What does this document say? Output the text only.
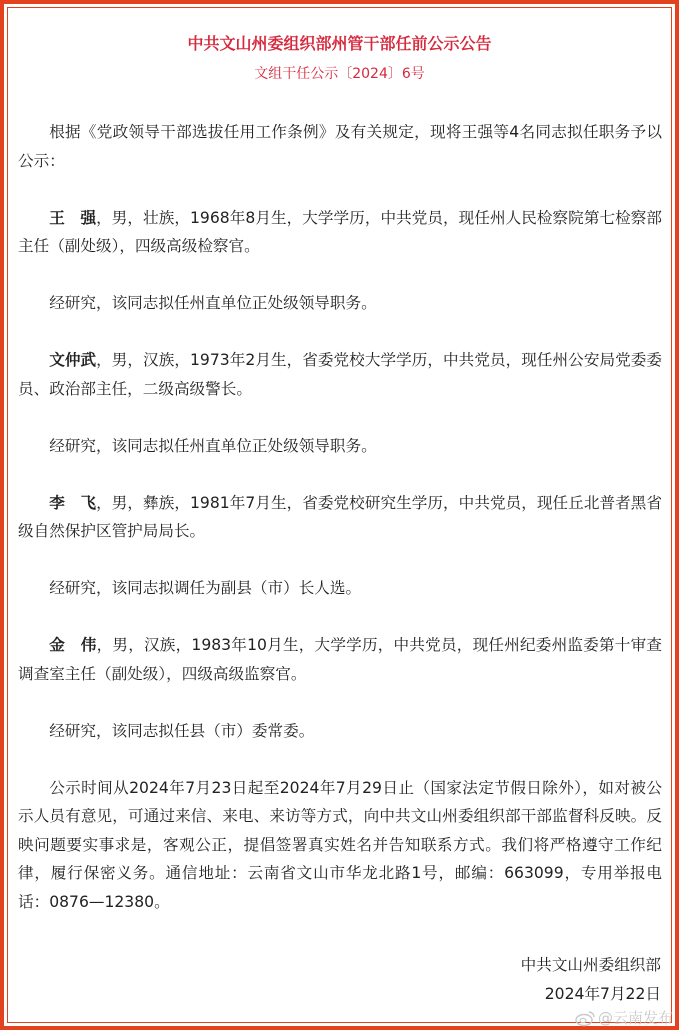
中共文山州委组织部州管干部任前公示公告
文组干任公示〔2024〕6号

根据《党政领导干部选拔任用工作条例》及有关规定，现将王强等4名同志拟任职务予以公示：

王　强，男，壮族，1968年8月生，大学学历，中共党员，现任州人民检察院第七检察部主任（副处级），四级高级检察官。

经研究，该同志拟任州直单位正处级领导职务。

文仲武，男，汉族，1973年2月生，省委党校大学学历，中共党员，现任州公安局党委委员、政治部主任，二级高级警长。

经研究，该同志拟任州直单位正处级领导职务。

李　飞，男，彝族，1981年7月生，省委党校研究生学历，中共党员，现任丘北普者黑省级自然保护区管护局局长。

经研究，该同志拟调任为副县（市）长人选。

金　伟，男，汉族，1983年10月生，大学学历，中共党员，现任州纪委州监委第十审查调查室主任（副处级），四级高级监察官。

经研究，该同志拟任县（市）委常委。

公示时间从2024年7月23日起至2024年7月29日止（国家法定节假日除外），如对被公示人员有意见，可通过来信、来电、来访等方式，向中共文山州委组织部干部监督科反映。反映问题要实事求是，客观公正，提倡签署真实姓名并告知联系方式。我们将严格遵守工作纪律，履行保密义务。通信地址：云南省文山市华龙北路1号，邮编：663099，专用举报电话：0876—12380。

中共文山州委组织部
2024年7月22日
@云南发布
